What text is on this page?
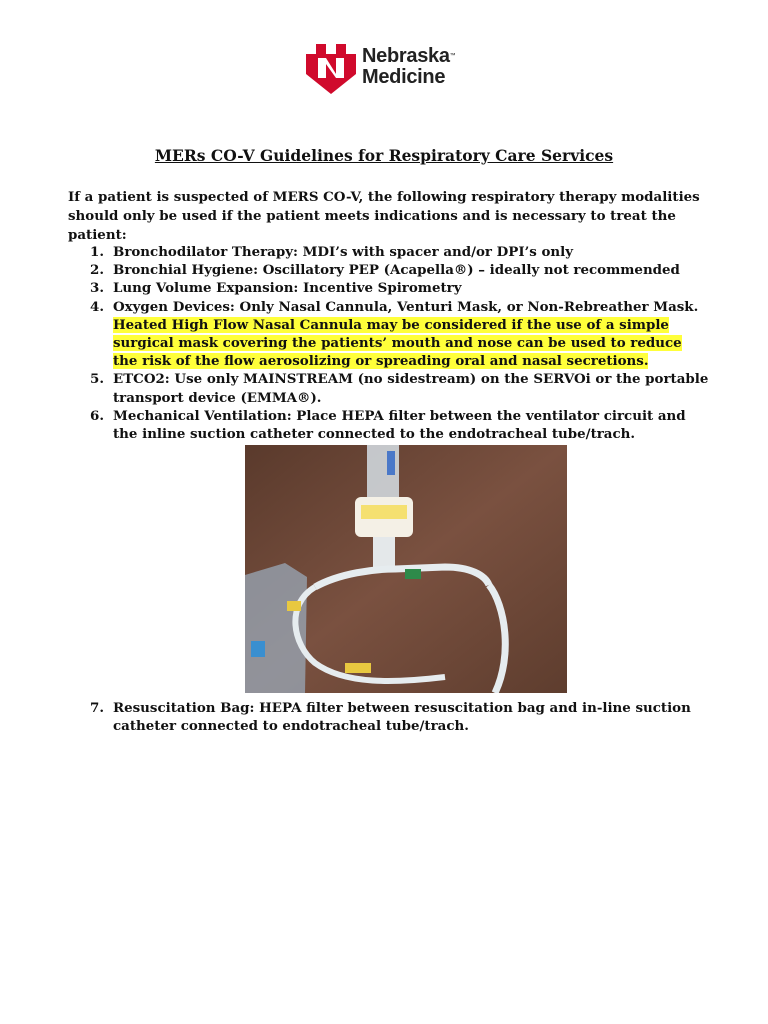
Nebraska™
Medicine
MERs CO-V Guidelines for Respiratory Care Services
If a patient is suspected of MERS CO-V, the following respiratory therapy modalities should only be used if the patient meets indications and is necessary to treat the patient:
1. Bronchodilator Therapy: MDI’s with spacer and/or DPI’s only
2. Bronchial Hygiene: Oscillatory PEP (Acapella®) – ideally not recommended
3. Lung Volume Expansion: Incentive Spirometry
4. Oxygen Devices: Only Nasal Cannula, Venturi Mask, or Non-Rebreather Mask. Heated High Flow Nasal Cannula may be considered if the use of a simple surgical mask covering the patients’ mouth and nose can be used to reduce the risk of the flow aerosolizing or spreading oral and nasal secretions.
5. ETCO2: Use only MAINSTREAM (no sidestream) on the SERVOi or the portable transport device (EMMA®).
6. Mechanical Ventilation: Place HEPA filter between the ventilator circuit and the inline suction catheter connected to the endotracheal tube/trach.
7. Resuscitation Bag: HEPA filter between resuscitation bag and in-line suction catheter connected to endotracheal tube/trach.
